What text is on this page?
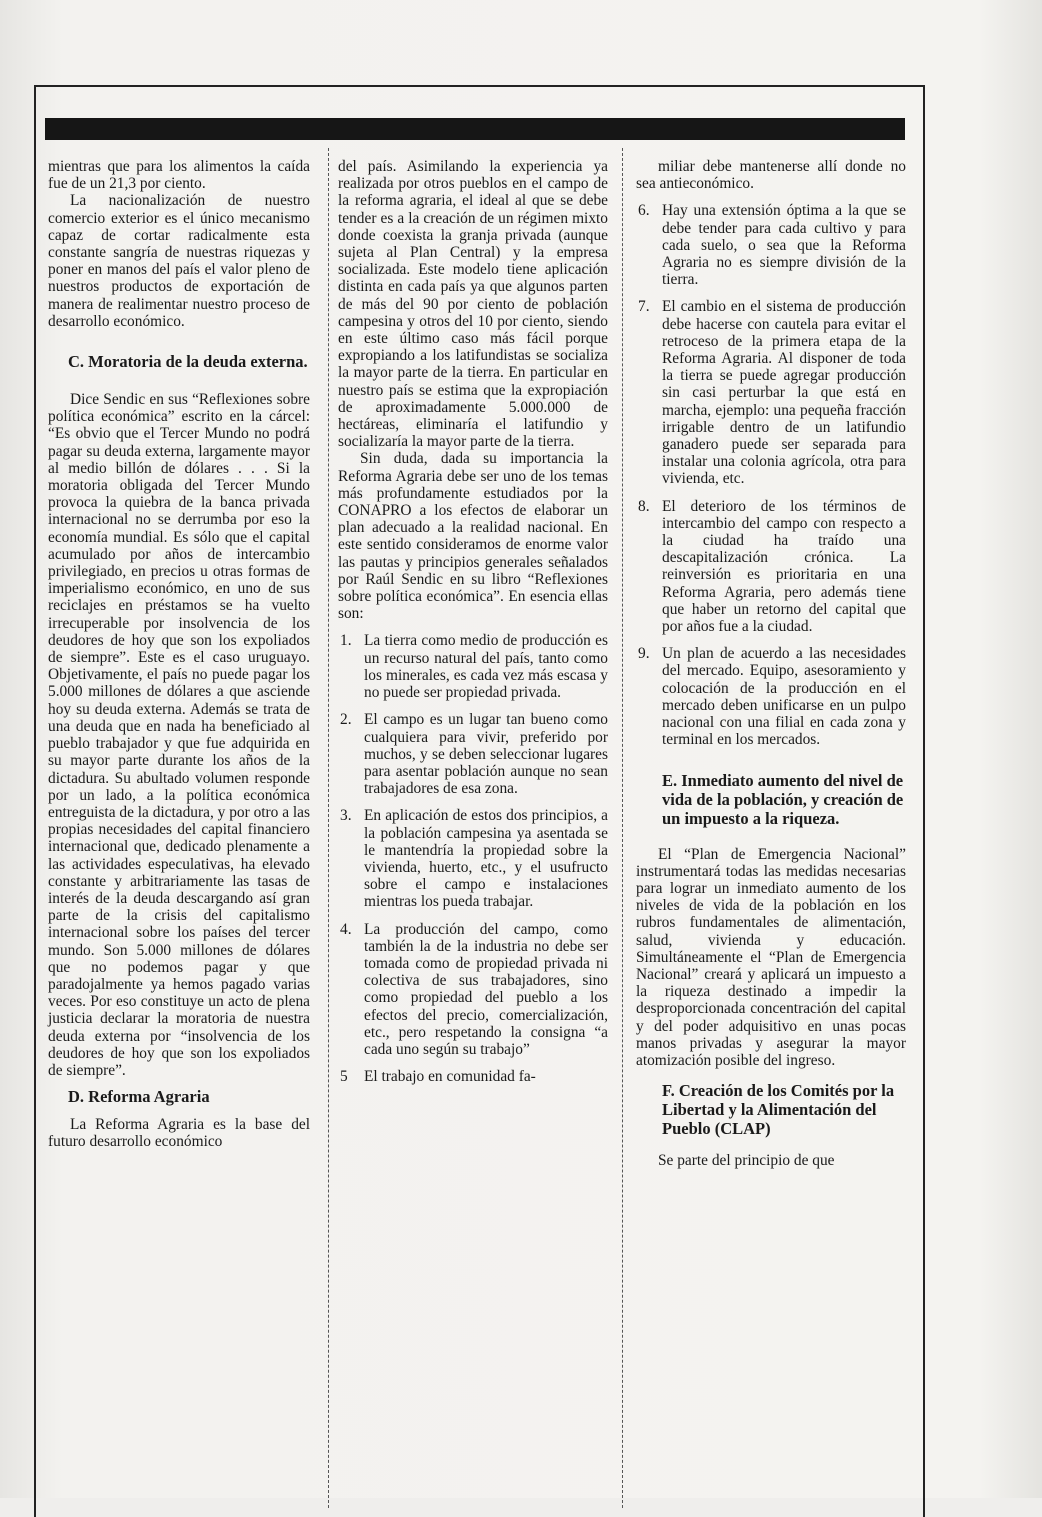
mientras que para los alimentos la caída fue de un 21,3 por ciento.

La nacionalización de nuestro comercio exterior es el único mecanismo capaz de cortar radicalmente esta constante sangría de nuestras riquezas y poner en manos del país el valor pleno de nuestros productos de exportación de manera de realimentar nuestro proceso de desarrollo económico.

C. Moratoria de la deuda externa.

Dice Sendic en sus “Reflexiones sobre política económica” escrito en la cárcel: “Es obvio que el Tercer Mundo no podrá pagar su deuda externa, largamente mayor al medio billón de dólares . . . Si la moratoria obligada del Tercer Mundo provoca la quiebra de la banca privada internacional no se derrumba por eso la economía mundial. Es sólo que el capital acumulado por años de intercambio privilegiado, en precios u otras formas de imperialismo económico, en uno de sus reciclajes en préstamos se ha vuelto irrecuperable por insolvencia de los deudores de hoy que son los expoliados de siempre”. Este es el caso uruguayo. Objetivamente, el país no puede pagar los 5.000 millones de dólares a que asciende hoy su deuda externa. Además se trata de una deuda que en nada ha beneficiado al pueblo trabajador y que fue adquirida en su mayor parte durante los años de la dictadura. Su abultado volumen responde por un lado, a la política económica entreguista de la dictadura, y por otro a las propias necesidades del capital financiero internacional que, dedicado plenamente a las actividades especulativas, ha elevado constante y arbitrariamente las tasas de interés de la deuda descargando así gran parte de la crisis del capitalismo internacional sobre los países del tercer mundo. Son 5.000 millones de dólares que no podemos pagar y que paradojalmente ya hemos pagado varias veces. Por eso constituye un acto de plena justicia declarar la moratoria de nuestra deuda externa por “insolvencia de los deudores de hoy que son los expoliados de siempre”.

D. Reforma Agraria

La Reforma Agraria es la base del futuro desarrollo económico

del país. Asimilando la experiencia ya realizada por otros pueblos en el campo de la reforma agraria, el ideal al que se debe tender es a la creación de un régimen mixto donde coexista la granja privada (aunque sujeta al Plan Central) y la empresa socializada. Este modelo tiene aplicación distinta en cada país ya que algunos parten de más del 90 por ciento de población campesina y otros del 10 por ciento, siendo en este último caso más fácil porque expropiando a los latifundistas se socializa la mayor parte de la tierra. En particular en nuestro país se estima que la expropiación de aproximadamente 5.000.000 de hectáreas, eliminaría el latifundio y socializaría la mayor parte de la tierra.

Sin duda, dada su importancia la Reforma Agraria debe ser uno de los temas más profundamente estudiados por la CONAPRO a los efectos de elaborar un plan adecuado a la realidad nacional. En este sentido consideramos de enorme valor las pautas y principios generales señalados por Raúl Sendic en su libro “Reflexiones sobre política económica”. En esencia ellas son:

1. La tierra como medio de producción es un recurso natural del país, tanto como los minerales, es cada vez más escasa y no puede ser propiedad privada.
2. El campo es un lugar tan bueno como cualquiera para vivir, preferido por muchos, y se deben seleccionar lugares para asentar población aunque no sean trabajadores de esa zona.
3. En aplicación de estos dos principios, a la población campesina ya asentada se le mantendría la propiedad sobre la vivienda, huerto, etc., y el usufructo sobre el campo e instalaciones mientras los pueda trabajar.
4. La producción del campo, como también la de la industria no debe ser tomada como de propiedad privada ni colectiva de sus trabajadores, sino como propiedad del pueblo a los efectos del precio, comercialización, etc., pero respetando la consigna “a cada uno según su trabajo”
5 El trabajo en comunidad fa-

miliar debe mantenerse allí donde no sea antieconómico.

6. Hay una extensión óptima a la que se debe tender para cada cultivo y para cada suelo, o sea que la Reforma Agraria no es siempre división de la tierra.
7. El cambio en el sistema de producción debe hacerse con cautela para evitar el retroceso de la primera etapa de la Reforma Agraria. Al disponer de toda la tierra se puede agregar producción sin casi perturbar la que está en marcha, ejemplo: una pequeña fracción irrigable dentro de un latifundio ganadero puede ser separada para instalar una colonia agrícola, otra para vivienda, etc.
8. El deterioro de los términos de intercambio del campo con respecto a la ciudad ha traído una descapitalización crónica. La reinversión es prioritaria en una Reforma Agraria, pero además tiene que haber un retorno del capital que por años fue a la ciudad.
9. Un plan de acuerdo a las necesidades del mercado. Equipo, asesoramiento y colocación de la producción en el mercado deben unificarse en un pulpo nacional con una filial en cada zona y terminal en los mercados.

E. Inmediato aumento del nivel de vida de la población, y creación de un impuesto a la riqueza.

El “Plan de Emergencia Nacional” instrumentará todas las medidas necesarias para lograr un inmediato aumento de los niveles de vida de la población en los rubros fundamentales de alimentación, salud, vivienda y educación. Simultáneamente el “Plan de Emergencia Nacional” creará y aplicará un impuesto a la riqueza destinado a impedir la desproporcionada concentración del capital y del poder adquisitivo en unas pocas manos privadas y asegurar la mayor atomización posible del ingreso.

F. Creación de los Comités por la Libertad y la Alimentación del Pueblo (CLAP)

Se parte del principio de que
